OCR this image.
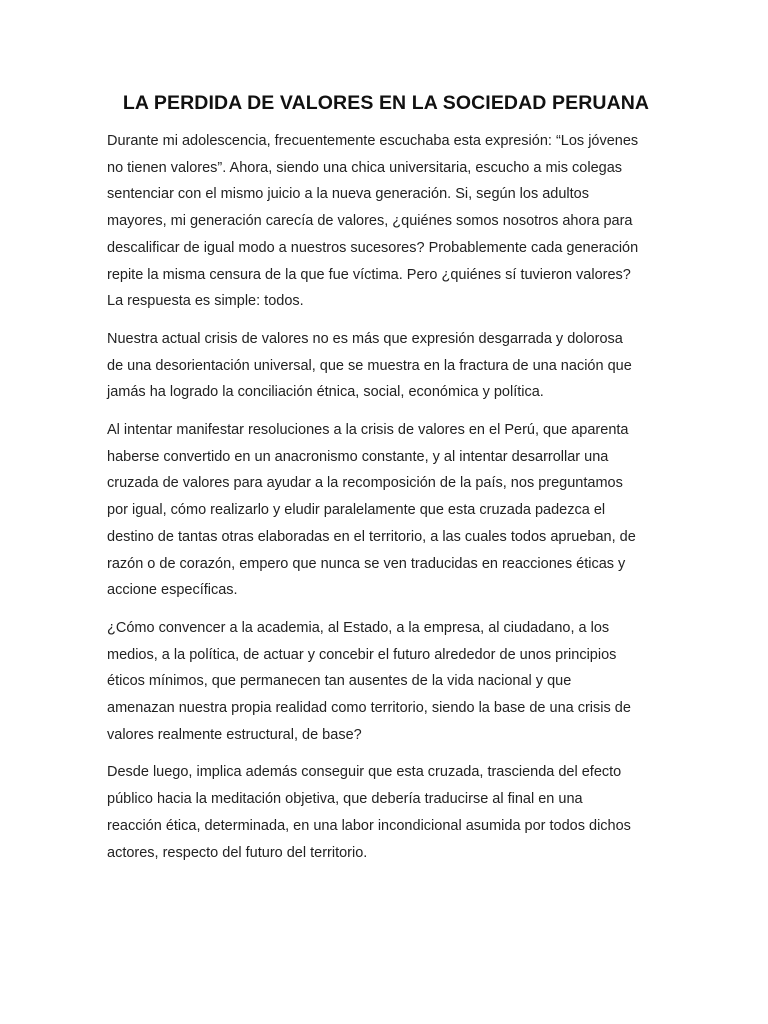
LA PERDIDA DE VALORES EN LA SOCIEDAD PERUANA

Durante mi adolescencia, frecuentemente escuchaba esta expresión: “Los jóvenes
no tienen valores”. Ahora, siendo una chica universitaria, escucho a mis colegas
sentenciar con el mismo juicio a la nueva generación. Si, según los adultos
mayores, mi generación carecía de valores, ¿quiénes somos nosotros ahora para
descalificar de igual modo a nuestros sucesores? Probablemente cada generación
repite la misma censura de la que fue víctima. Pero ¿quiénes sí tuvieron valores?
La respuesta es simple: todos.

Nuestra actual crisis de valores no es más que expresión desgarrada y dolorosa
de una desorientación universal, que se muestra en la fractura de una nación que
jamás ha logrado la conciliación étnica, social, económica y política.

Al intentar manifestar resoluciones a la crisis de valores en el Perú, que aparenta
haberse convertido en un anacronismo constante, y al intentar desarrollar una
cruzada de valores para ayudar a la recomposición de la país, nos preguntamos
por igual, cómo realizarlo y eludir paralelamente que esta cruzada padezca el
destino de tantas otras elaboradas en el territorio, a las cuales todos aprueban, de
razón o de corazón, empero que nunca se ven traducidas en reacciones éticas y
accione específicas.

¿Cómo convencer a la academia, al Estado, a la empresa, al ciudadano, a los
medios, a la política, de actuar y concebir el futuro alrededor de unos principios
éticos mínimos, que permanecen tan ausentes de la vida nacional y que
amenazan nuestra propia realidad como territorio, siendo la base de una crisis de
valores realmente estructural, de base?

Desde luego, implica además conseguir que esta cruzada, trascienda del efecto
público hacia la meditación objetiva, que debería traducirse al final en una
reacción ética, determinada, en una labor incondicional asumida por todos dichos
actores, respecto del futuro del territorio.
